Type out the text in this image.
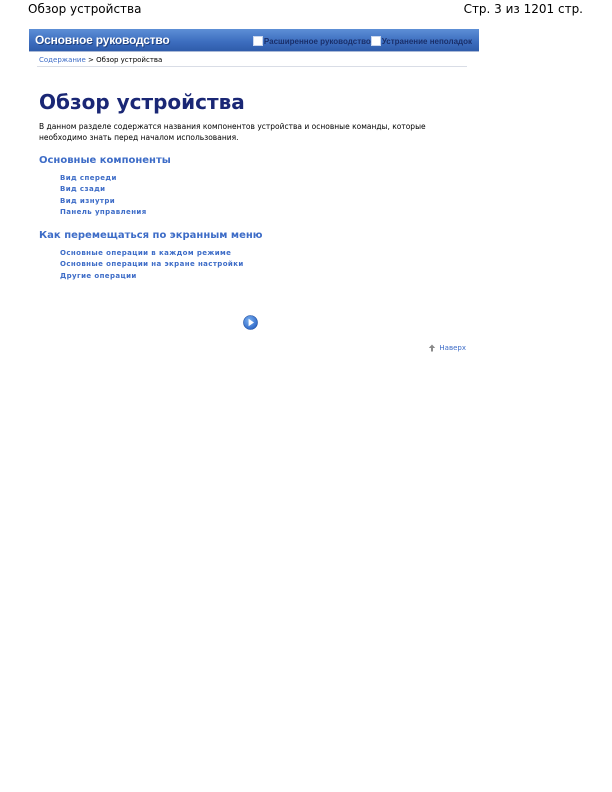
Обзор устройства	Стр. 3 из 1201 стр.
Основное руководство	Расширенное руководство Устранение неполадок
Содержание > Обзор устройства
Обзор устройства
В данном разделе содержатся названия компонентов устройства и основные команды, которые необходимо знать перед началом использования.
Основные компоненты
Вид спереди
Вид сзади
Вид изнутри
Панель управления
Как перемещаться по экранным меню
Основные операции в каждом режиме
Основные операции на экране настройки
Другие операции
Наверх
